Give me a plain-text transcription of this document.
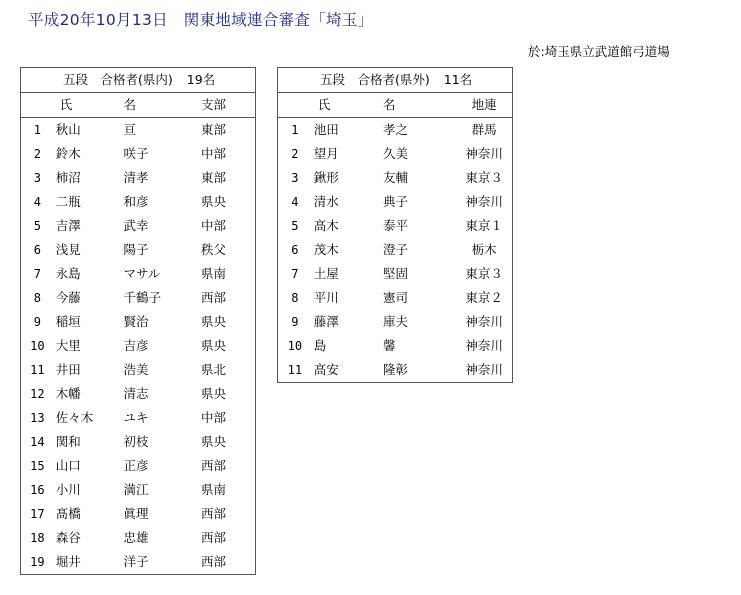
平成20年10月13日　関東地域連合審査「埼玉」
於:埼玉県立武道館弓道場
五段　合格者(県内) 19名			
	氏	名	支部
1	秋山	亘	東部
2	鈴木	咲子	中部
3	柿沼	清孝	東部
4	二瓶	和彦	県央
5	吉澤	武幸	中部
6	浅見	陽子	秩父
7	永島	マサル	県南
8	今藤	千鶴子	西部
9	稲垣	賢治	県央
10	大里	吉彦	県央
11	井田	浩美	県北
12	木幡	清志	県央
13	佐々木	ユキ	中部
14	関和	初枝	県央
15	山口	正彦	西部
16	小川	満江	県南
17	髙橋	眞理	西部
18	森谷	忠雄	西部
19	堀井	洋子	西部
五段　合格者(県外) 11名			
	氏	名	地連
1	池田	孝之	群馬
2	望月	久美	神奈川
3	鍬形	友輔	東京３
4	清水	典子	神奈川
5	高木	泰平	東京１
6	茂木	澄子	栃木
7	土屋	堅固	東京３
8	平川	憲司	東京２
9	藤澤	庫夫	神奈川
10	島	馨	神奈川
11	高安	隆彰	神奈川
